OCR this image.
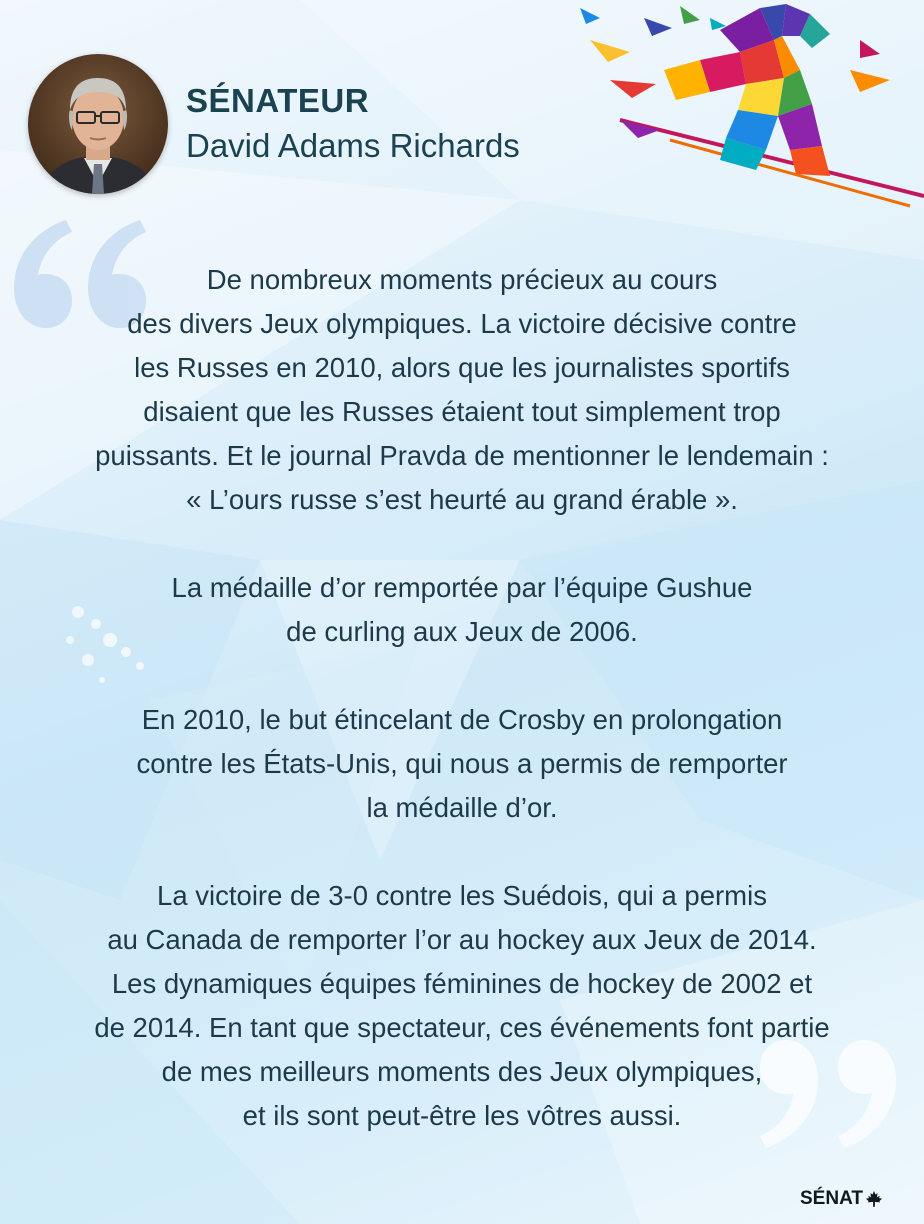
SÉNATEUR
David Adams Richards
De nombreux moments précieux au cours
des divers Jeux olympiques. La victoire décisive contre
les Russes en 2010, alors que les journalistes sportifs
disaient que les Russes étaient tout simplement trop
puissants. Et le journal Pravda de mentionner le lendemain :
« L’ours russe s’est heurté au grand érable ».
La médaille d’or remportée par l’équipe Gushue
de curling aux Jeux de 2006.
En 2010, le but étincelant de Crosby en prolongation
contre les États-Unis, qui nous a permis de remporter
la médaille d’or.
La victoire de 3-0 contre les Suédois, qui a permis
au Canada de remporter l’or au hockey aux Jeux de 2014.
Les dynamiques équipes féminines de hockey de 2002 et
de 2014. En tant que spectateur, ces événements font partie
de mes meilleurs moments des Jeux olympiques,
et ils sont peut-être les vôtres aussi.
SÉNAT
